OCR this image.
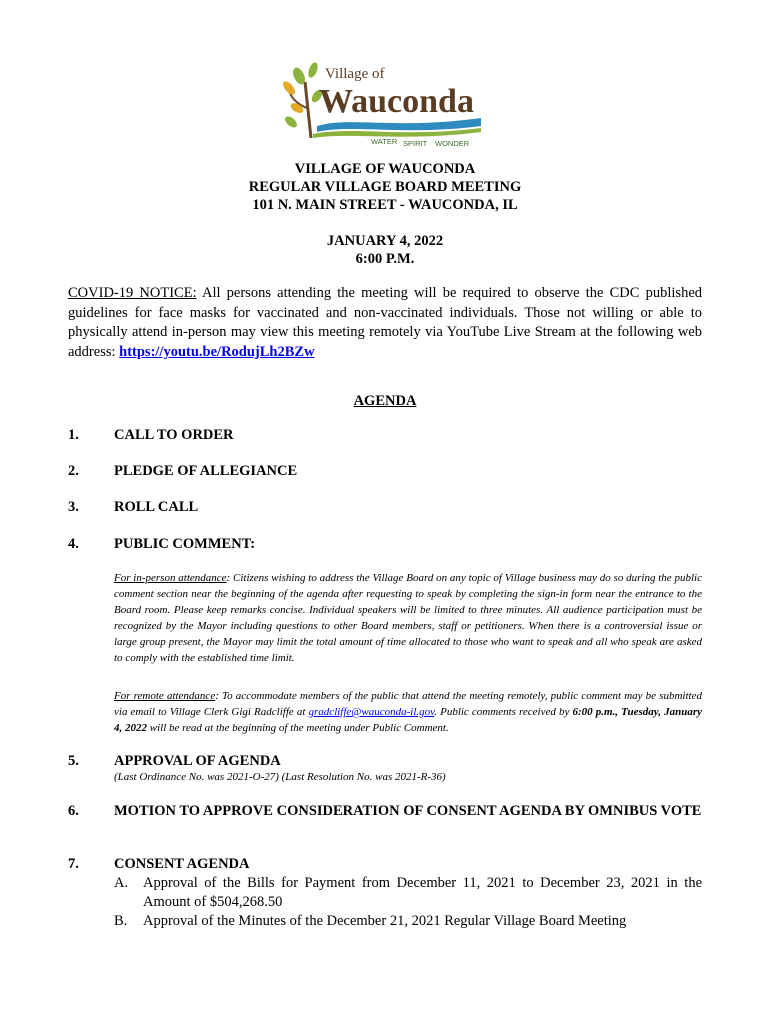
Village of
Wauconda
WATER SPIRIT WONDER
VILLAGE OF WAUCONDA
REGULAR VILLAGE BOARD MEETING
101 N. MAIN STREET - WAUCONDA, IL
JANUARY 4, 2022
6:00 P.M.
COVID-19 NOTICE: All persons attending the meeting will be required to observe the CDC published guidelines for face masks for vaccinated and non-vaccinated individuals. Those not willing or able to physically attend in-person may view this meeting remotely via YouTube Live Stream at the following web address: https://youtu.be/RodujLh2BZw
AGENDA
1. CALL TO ORDER
2. PLEDGE OF ALLEGIANCE
3. ROLL CALL
4. PUBLIC COMMENT:
For in-person attendance: Citizens wishing to address the Village Board on any topic of Village business may do so during the public comment section near the beginning of the agenda after requesting to speak by completing the sign-in form near the entrance to the Board room. Please keep remarks concise. Individual speakers will be limited to three minutes. All audience participation must be recognized by the Mayor including questions to other Board members, staff or petitioners. When there is a controversial issue or large group present, the Mayor may limit the total amount of time allocated to those who want to speak and all who speak are asked to comply with the established time limit.
For remote attendance: To accommodate members of the public that attend the meeting remotely, public comment may be submitted via email to Village Clerk Gigi Radcliffe at gradcliffe@wauconda-il.gov. Public comments received by 6:00 p.m., Tuesday, January 4, 2022 will be read at the beginning of the meeting under Public Comment.
5. APPROVAL OF AGENDA
(Last Ordinance No. was 2021-O-27) (Last Resolution No. was 2021-R-36)
6. MOTION TO APPROVE CONSIDERATION OF CONSENT AGENDA BY OMNIBUS VOTE
7. CONSENT AGENDA
A. Approval of the Bills for Payment from December 11, 2021 to December 23, 2021 in the Amount of $504,268.50
B. Approval of the Minutes of the December 21, 2021 Regular Village Board Meeting
